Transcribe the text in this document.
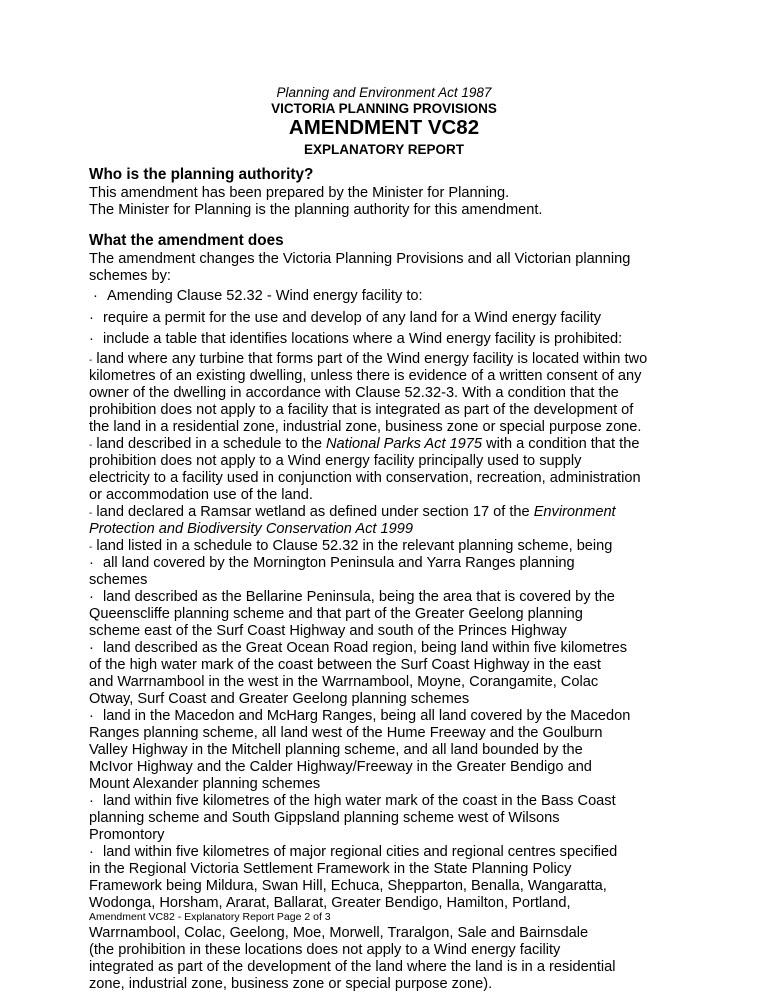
Planning and Environment Act 1987
VICTORIA PLANNING PROVISIONS
AMENDMENT VC82
EXPLANATORY REPORT
Who is the planning authority?
This amendment has been prepared by the Minister for Planning.
The Minister for Planning is the planning authority for this amendment.
What the amendment does
The amendment changes the Victoria Planning Provisions and all Victorian planning
schemes by:
· Amending Clause 52.32 - Wind energy facility to:
· require a permit for the use and develop of any land for a Wind energy facility
· include a table that identifies locations where a Wind energy facility is prohibited:
- land where any turbine that forms part of the Wind energy facility is located within two
kilometres of an existing dwelling, unless there is evidence of a written consent of any
owner of the dwelling in accordance with Clause 52.32-3. With a condition that the
prohibition does not apply to a facility that is integrated as part of the development of
the land in a residential zone, industrial zone, business zone or special purpose zone.
- land described in a schedule to the National Parks Act 1975 with a condition that the
prohibition does not apply to a Wind energy facility principally used to supply
electricity to a facility used in conjunction with conservation, recreation, administration
or accommodation use of the land.
- land declared a Ramsar wetland as defined under section 17 of the Environment
Protection and Biodiversity Conservation Act 1999
- land listed in a schedule to Clause 52.32 in the relevant planning scheme, being
· all land covered by the Mornington Peninsula and Yarra Ranges planning
schemes
· land described as the Bellarine Peninsula, being the area that is covered by the
Queenscliffe planning scheme and that part of the Greater Geelong planning
scheme east of the Surf Coast Highway and south of the Princes Highway
· land described as the Great Ocean Road region, being land within five kilometres
of the high water mark of the coast between the Surf Coast Highway in the east
and Warrnambool in the west in the Warrnambool, Moyne, Corangamite, Colac
Otway, Surf Coast and Greater Geelong planning schemes
· land in the Macedon and McHarg Ranges, being all land covered by the Macedon
Ranges planning scheme, all land west of the Hume Freeway and the Goulburn
Valley Highway in the Mitchell planning scheme, and all land bounded by the
McIvor Highway and the Calder Highway/Freeway in the Greater Bendigo and
Mount Alexander planning schemes
· land within five kilometres of the high water mark of the coast in the Bass Coast
planning scheme and South Gippsland planning scheme west of Wilsons
Promontory
· land within five kilometres of major regional cities and regional centres specified
in the Regional Victoria Settlement Framework in the State Planning Policy
Framework being Mildura, Swan Hill, Echuca, Shepparton, Benalla, Wangaratta,
Wodonga, Horsham, Ararat, Ballarat, Greater Bendigo, Hamilton, Portland,
Amendment VC82 - Explanatory Report Page 2 of 3
Warrnambool, Colac, Geelong, Moe, Morwell, Traralgon, Sale and Bairnsdale
(the prohibition in these locations does not apply to a Wind energy facility
integrated as part of the development of the land where the land is in a residential
zone, industrial zone, business zone or special purpose zone).
